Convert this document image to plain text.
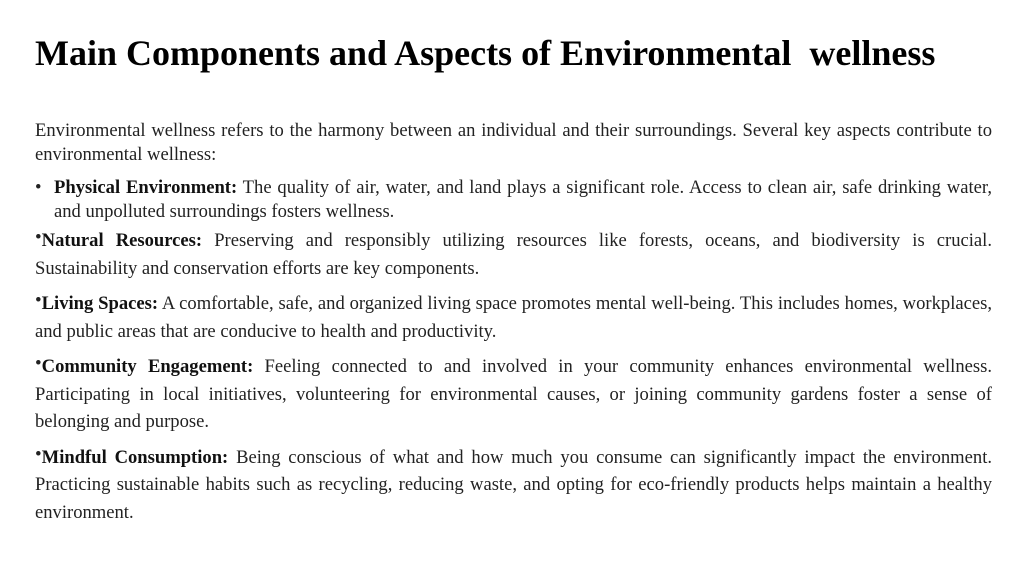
Main Components and Aspects of Environmental  wellness

Environmental wellness refers to the harmony between an individual and their surroundings. Several key aspects contribute to environmental wellness:

• Physical Environment: The quality of air, water, and land plays a significant role. Access to clean air, safe drinking water, and unpolluted surroundings fosters wellness.

•Natural Resources: Preserving and responsibly utilizing resources like forests, oceans, and biodiversity is crucial. Sustainability and conservation efforts are key components.

•Living Spaces: A comfortable, safe, and organized living space promotes mental well-being. This includes homes, workplaces, and public areas that are conducive to health and productivity.

•Community Engagement: Feeling connected to and involved in your community enhances environmental wellness. Participating in local initiatives, volunteering for environmental causes, or joining community gardens foster a sense of belonging and purpose.

•Mindful Consumption: Being conscious of what and how much you consume can significantly impact the environment. Practicing sustainable habits such as recycling, reducing waste, and opting for eco-friendly products helps maintain a healthy environment.
